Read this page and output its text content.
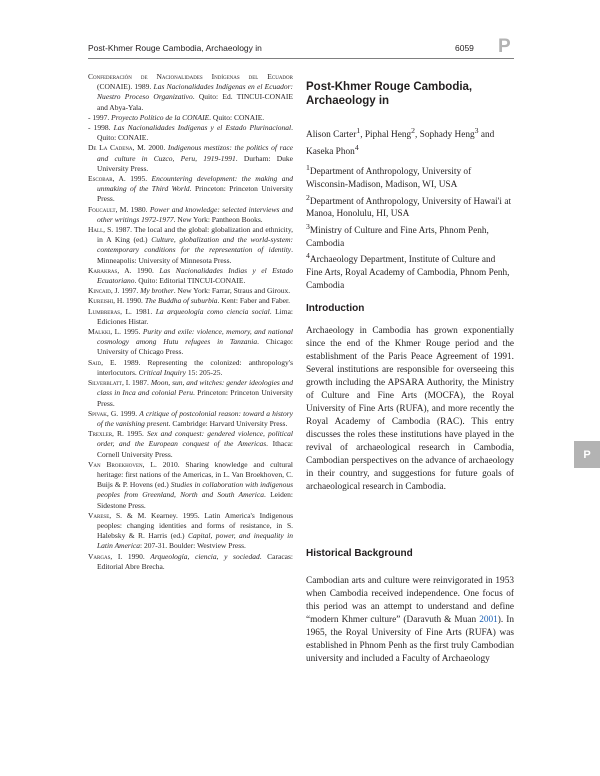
Post-Khmer Rouge Cambodia, Archaeology in	6059 P

Confederación de Nacionalidades Indígenas del Ecuador (CONAIE). 1989. Las Nacionalidades Indígenas en el Ecuador: Nuestro Proceso Organizativo. Quito: Ed. TINCUI-CONAIE and Abya-Yala.

- 1997. Proyecto Político de la CONAIE. Quito: CONAIE.

- 1998. Las Nacionalidades Indígenas y el Estado Plurinacional. Quito: CONAIE.

De La Cadena, M. 2000. Indigenous mestizos: the politics of race and culture in Cuzco, Peru, 1919-1991. Durham: Duke University Press.

Escobar, A. 1995. Encountering development: the making and unmaking of the Third World. Princeton: Princeton University Press.

Foucault, M. 1980. Power and knowledge: selected interviews and other writings 1972-1977. New York: Pantheon Books.

Hall, S. 1987. The local and the global: globalization and ethnicity, in A King (ed.) Culture, globalization and the world-system: contemporary conditions for the representation of identity. Minneapolis: University of Minnesota Press.

Karakras, A. 1990. Las Nacionalidades Indias y el Estado Ecuatoriano. Quito: Editorial TINCUI-CONAIE.

Kincaid, J. 1997. My brother. New York: Farrar, Straus and Giroux.

Kureishi, H. 1990. The Buddha of suburbia. Kent: Faber and Faber.

Lumbreras, L. 1981. La arqueología como ciencia social. Lima: Ediciones Histar.

Malkki, L. 1995. Purity and exile: violence, memory, and national cosmology among Hutu refugees in Tanzania. Chicago: University of Chicago Press.

Said, E. 1989. Representing the colonized: anthropology's interlocutors. Critical Inquiry 15: 205-25.

Silverblatt, I. 1987. Moon, sun, and witches: gender ideologies and class in Inca and colonial Peru. Princeton: Princeton University Press.

Spivak, G. 1999. A critique of postcolonial reason: toward a history of the vanishing present. Cambridge: Harvard University Press.

Trexler, R. 1995. Sex and conquest: gendered violence, political order, and the European conquest of the Americas. Ithaca: Cornell University Press.

Van Broekhoven, L. 2010. Sharing knowledge and cultural heritage: first nations of the Americas, in L. Van Broekhoven, C. Buijs & P. Hovens (ed.) Studies in collaboration with indigenous peoples from Greenland, North and South America. Leiden: Sidestone Press.

Varese, S. & M. Kearney. 1995. Latin America's Indigenous peoples: changing identities and forms of resistance, in S. Halebsky & R. Harris (ed.) Capital, power, and inequality in Latin America: 207-31. Boulder: Westview Press.

Vargas, I. 1990. Arqueología, ciencia, y sociedad. Caracas: Editorial Abre Brecha.

Post-Khmer Rouge Cambodia, Archaeology in

Alison Carter$^1$, Piphal Heng$^2$, Sophady Heng$^3$ and Kaseka Phon$^4$

$^1$Department of Anthropology, University of Wisconsin-Madison, Madison, WI, USA

$^2$Department of Anthropology, University of Hawai'i at Manoa, Honolulu, HI, USA

$^3$Ministry of Culture and Fine Arts, Phnom Penh, Cambodia

$^4$Archaeology Department, Institute of Culture and Fine Arts, Royal Academy of Cambodia, Phnom Penh, Cambodia

Introduction

Archaeology in Cambodia has grown exponentially since the end of the Khmer Rouge period and the establishment of the Paris Peace Agreement of 1991. Several institutions are responsible for overseeing this growth including the APSARA Authority, the Ministry of Culture and Fine Arts (MOCFA), the Royal University of Fine Arts (RUFA), and more recently the Royal Academy of Cambodia (RAC). This entry discusses the roles these institutions have played in the revival of archaeological research in Cambodia, Cambodian perspectives on the advance of archaeology in their country, and suggestions for future goals of archaeological research in Cambodia.

Historical Background

Cambodian arts and culture were reinvigorated in 1953 when Cambodia received independence. One focus of this period was an attempt to understand and define “modern Khmer culture” (Daravuth & Muan 2001). In 1965, the Royal University of Fine Arts (RUFA) was established in Phnom Penh as the first truly Cambodian university and included a Faculty of Archaeology

P
